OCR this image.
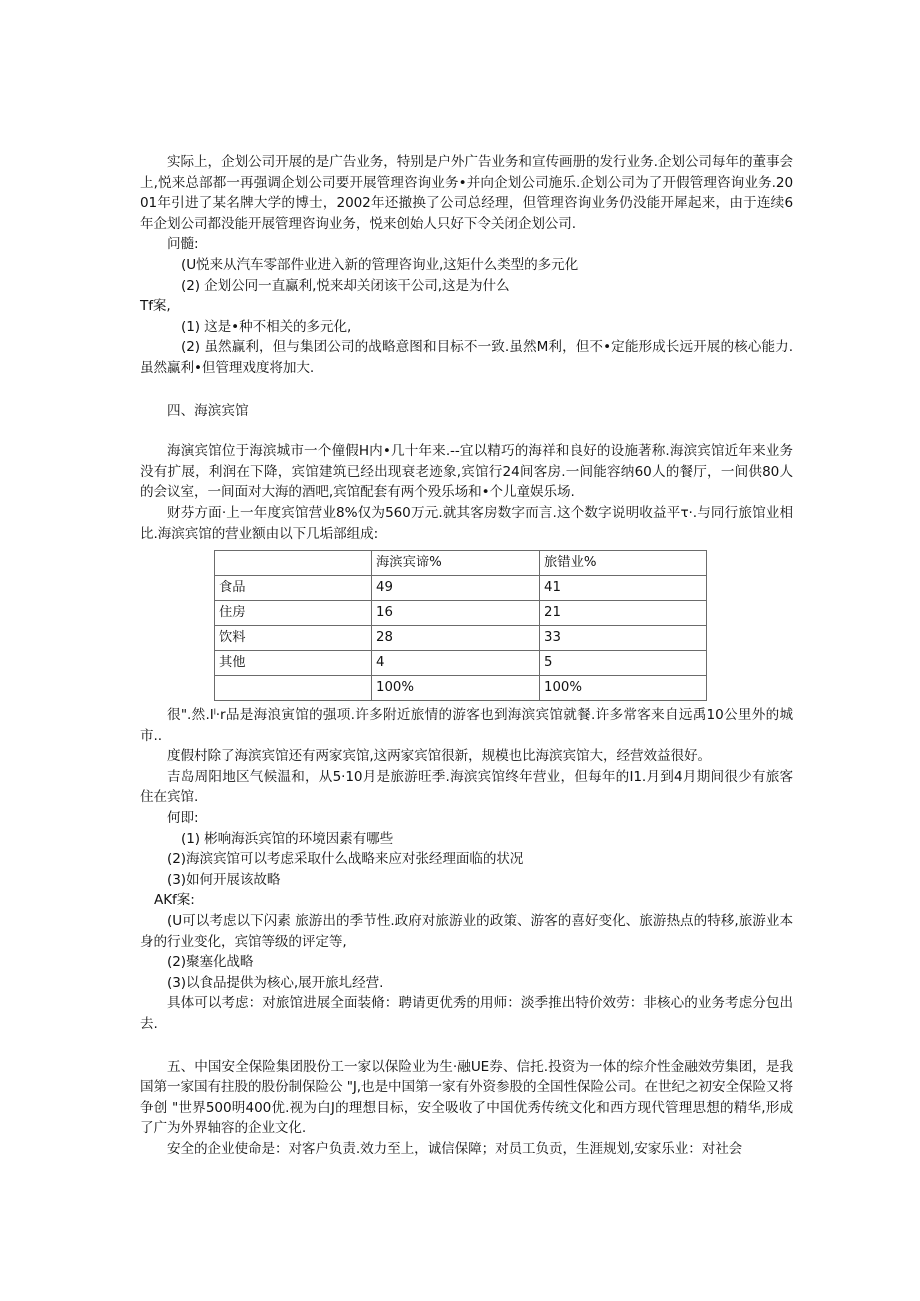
实际上，企划公司开展的是广告业务，特别是户外广告业务和宣传画册的发行业务.企划公司每年的董事会上,悦来总部都一再强调企划公司要开展管理咨询业务•并向企划公司施乐.企划公司为了开假管理咨询业务.2001年引进了某名牌大学的博士，2002年还撤换了公司总经理，但管理咨询业务仍没能开犀起来，由于连续6年企划公司都没能开展管理咨询业务，悦来创始人只好下令关闭企划公司.

问髓:

(U悦来从汽车零部件业进入新的管理咨询业,这矩什么类型的多元化

(2) 企划公冋一直赢利,悦来却关闭该干公司,这是为什么

Tf案,

(1) 这是•种不相关的多元化,

(2) 虽然赢利，但与集团公司的战略意图和目标不一致.虽然M利，但不•定能形成长远开展的核心能力.虽然赢利•但管理戏度将加大.

四、海滨宾馆

海演宾馆位于海滨城市一个僮假H内•几十年来.--宜以精巧的海祥和良好的设施著称.海滨宾馆近年来业务没有扩展，利润在下降，宾馆建筑已经出现衰老迹象,宾馆行24间客房.一间能容纳60人的餐厅，一间供80人的会议室，一间面对大海的酒吧,宾馆配套有两个殁乐场和•个儿童娱乐场.

财芬方面·上一年度宾馆营业8%仅为560万元.就其客房数字而言.这个数字说明收益平τ·.与同行旅馆业相比.海滨宾馆的营业额由以下几垢部组成:

	海滨宾谛%	旅错业%
食品	49	41
住房	16	21
饮料	28	33
其他	4	5
	100%	100%

很".然.Iˡ·r品是海浪寅馆的强项.许多附近旅情的游客也到海滨宾馆就餐.许多常客来自远禹10公里外的城市..

度假村除了海滨宾馆还有两家宾馆,这两家宾馆很新，规模也比海滨宾馆大，经营效益很好。

吉岛周阳地区气候温和，从5·10月是旅游旺季.海滨宾馆终年营业，但每年的I1.月到4月期间很少有旅客住在宾馆.

何即:

(1) 彬响海浜宾馆的环境因素有哪些

(2)海滨宾馆可以考虑采取什么战略来应对张经理面临的状况

(3)如何开展该故略

AKf案:

(U可以考虑以下闪素 旅游出的季节性.政府对旅游业的政策、游客的喜好变化、旅游热点的特移,旅游业本身的行业变化，宾馆等级的评定等,

(2)聚塞化战略

(3)以食品提供为核心,展开旅圠经营.

具体可以考虑：对旅馆进展全面装脩：聘请更优秀的用师：淡季推出特价效劳：非核心的业务考虑分包出去.

五、中国安全保险集团股份工一家以保险业为生·融UE券、信托.投资为一体的综介性金融效劳集团，是我国第一家国有拄股的股份制保险公 "J,也是中国第一家有外资参股的全国性保险公司。在世纪之初安全保险又将争创 "世界500明400优.视为白J的理想目标，安全吸收了中国优秀传统文化和西方现代管理思想的精华,形成了广为外界轴容的企业文化.

安全的企业使命是：对客户负责.效力至上，诚信保障；对员工负贡，生涯规划,安家乐业：对社会
